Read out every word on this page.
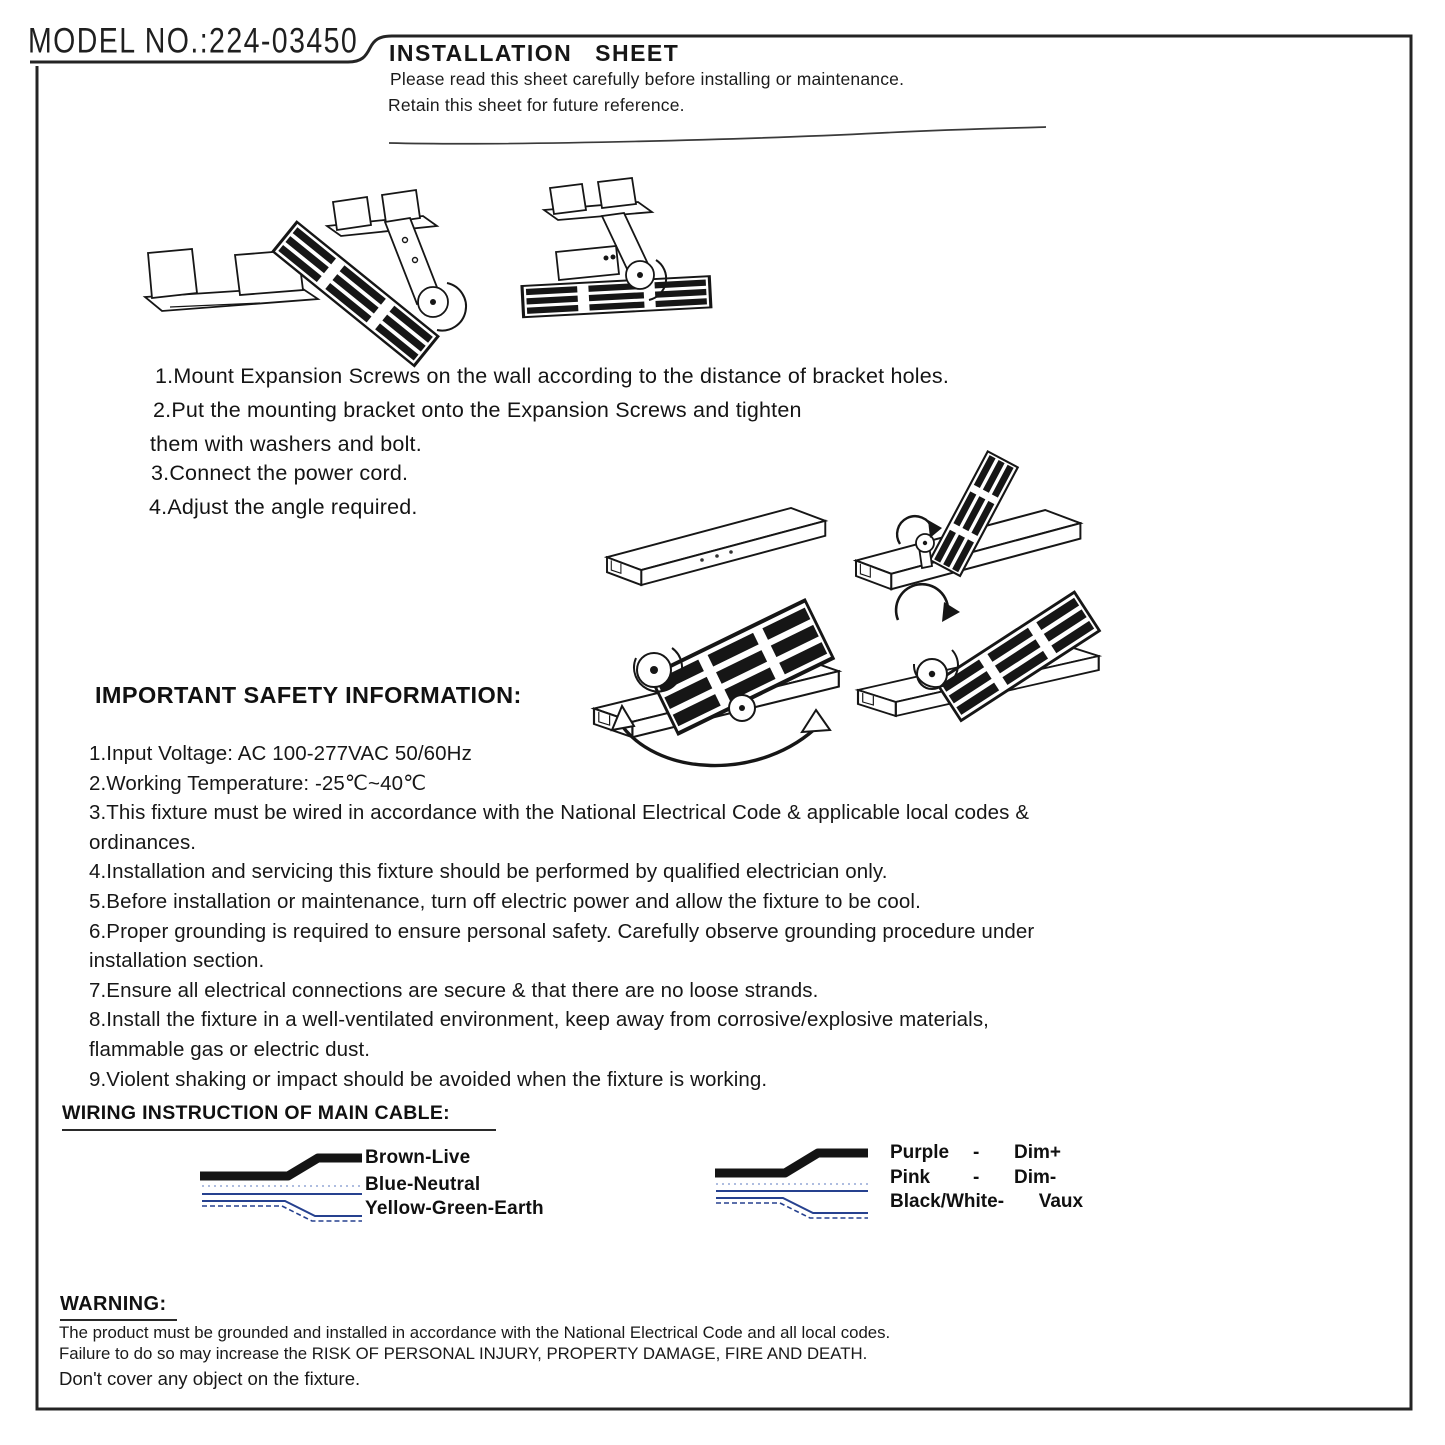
MODEL NO.:224-03450 INSTALLATION SHEET
Please read this sheet carefully before installing or maintenance.
Retain this sheet for future reference.
1.Mount Expansion Screws on the wall according to the distance of bracket holes.
2.Put the mounting bracket onto the Expansion Screws and tighten
them with washers and bolt.
3.Connect the power cord.
4.Adjust the angle required.
IMPORTANT SAFETY INFORMATION:
1.Input Voltage: AC 100-277VAC 50/60Hz
2.Working Temperature: -25℃~40℃
3.This fixture must be wired in accordance with the National Electrical Code & applicable local codes &
ordinances.
4.Installation and servicing this fixture should be performed by qualified electrician only.
5.Before installation or maintenance, turn off electric power and allow the fixture to be cool.
6.Proper grounding is required to ensure personal safety. Carefully observe grounding procedure under
installation section.
7.Ensure all electrical connections are secure & that there are no loose strands.
8.Install the fixture in a well-ventilated environment, keep away from corrosive/explosive materials,
flammable gas or electric dust.
9.Violent shaking or impact should be avoided when the fixture is working.
WIRING INSTRUCTION OF MAIN CABLE:
Brown-Live
Blue-Neutral
Yellow-Green-Earth
Purple	-	Dim+
Pink	-	Dim-
Black/White -	Vaux
WARNING:
The product must be grounded and installed in accordance with the National Electrical Code and all local codes.
Failure to do so may increase the RISK OF PERSONAL INJURY, PROPERTY DAMAGE, FIRE AND DEATH.
Don't cover any object on the fixture.
